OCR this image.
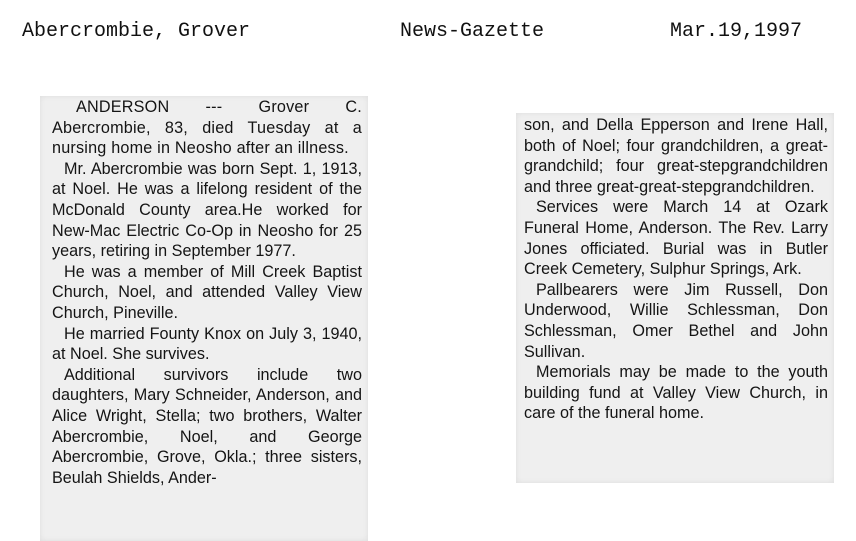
Abercrombie, Grover	News-Gazette	Mar.19,1997

ANDERSON --- Grover C. Abercrombie, 83, died Tuesday at a nursing home in Neosho after an illness.

Mr. Abercrombie was born Sept. 1, 1913, at Noel. He was a lifelong resident of the McDonald County area.He worked for New-Mac Electric Co-Op in Neosho for 25 years, retiring in September 1977.

He was a member of Mill Creek Baptist Church, Noel, and attended Valley View Church, Pineville.

He married Founty Knox on July 3, 1940, at Noel. She survives.

Additional survivors include two daughters, Mary Schneider, Anderson, and Alice Wright, Stella; two brothers, Walter Abercrombie, Noel, and George Abercrombie, Grove, Okla.; three sisters, Beulah Shields, Ander-

son, and Della Epperson and Irene Hall, both of Noel; four grandchildren, a great-grandchild; four great-stepgrandchildren and three great-great-stepgrandchildren.

Services were March 14 at Ozark Funeral Home, Anderson. The Rev. Larry Jones officiated. Burial was in Butler Creek Cemetery, Sulphur Springs, Ark.

Pallbearers were Jim Russell, Don Underwood, Willie Schlessman, Don Schlessman, Omer Bethel and John Sullivan.

Memorials may be made to the youth building fund at Valley View Church, in care of the funeral home.
